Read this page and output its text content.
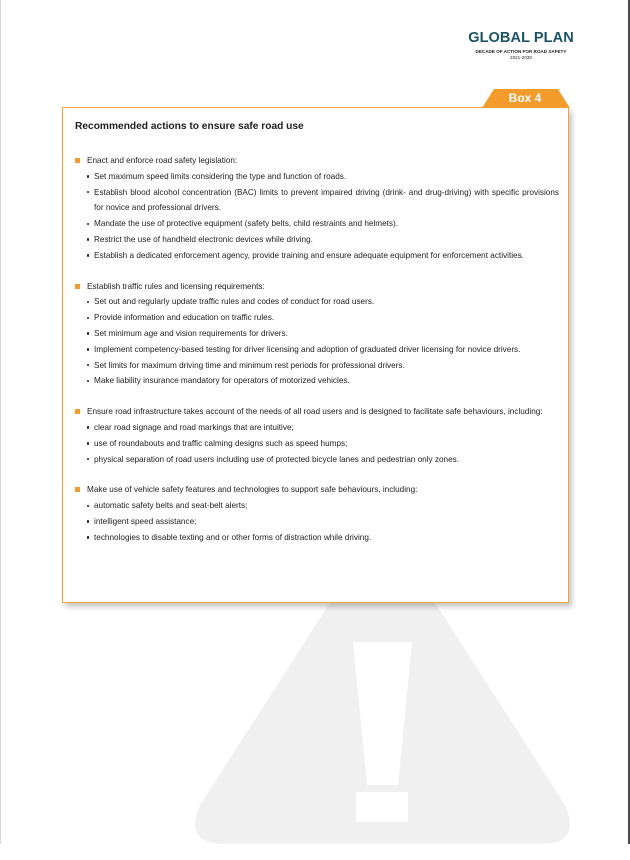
GLOBAL PLAN
DECADE OF ACTION FOR ROAD SAFETY
2021-2030
Box 4
Recommended actions to ensure safe road use
Enact and enforce road safety legislation:
Set maximum speed limits considering the type and function of roads.
Establish blood alcohol concentration (BAC) limits to prevent impaired driving (drink- and drug-driving) with specific provisions for novice and professional drivers.
Mandate the use of protective equipment (safety belts, child restraints and helmets).
Restrict the use of handheld electronic devices while driving.
Establish a dedicated enforcement agency, provide training and ensure adequate equipment for enforcement activities.
Establish traffic rules and licensing requirements:
Set out and regularly update traffic rules and codes of conduct for road users.
Provide information and education on traffic rules.
Set minimum age and vision requirements for drivers.
Implement competency-based testing for driver licensing and adoption of graduated driver licensing for novice drivers.
Set limits for maximum driving time and minimum rest periods for professional drivers.
Make liability insurance mandatory for operators of motorized vehicles.
Ensure road infrastructure takes account of the needs of all road users and is designed to facilitate safe behaviours, including:
clear road signage and road markings that are intuitive;
use of roundabouts and traffic calming designs such as speed humps;
physical separation of road users including use of protected bicycle lanes and pedestrian only zones.
Make use of vehicle safety features and technologies to support safe behaviours, including:
automatic safety belts and seat-belt alerts;
intelligent speed assistance;
technologies to disable texting and or other forms of distraction while driving.
